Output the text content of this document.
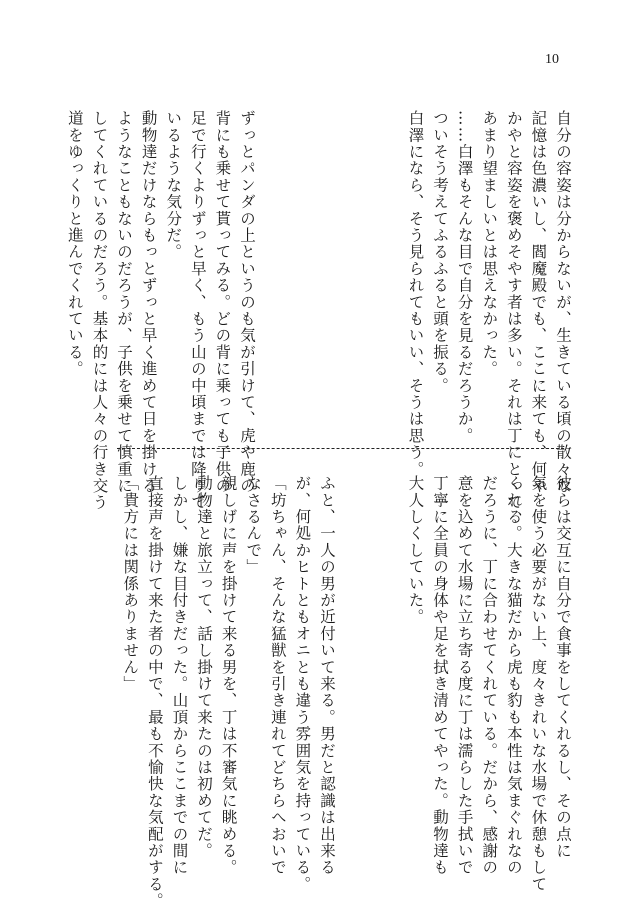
10

自分の容姿は分からないが、生きている頃の散々な

記憶は色濃いし、閻魔殿でも、ここに来ても、何や

かやと容姿を褒めそやす者は多い。それは丁にとって、

あまり望ましいとは思えなかった。

……白澤もそんな目で自分を見るだろうか。

ついそう考えてふるふると頭を振る。

白澤になら、そう見られてもいい、そうは思う。

ずっとパンダの上というのも気が引けて、虎や鹿の

背にも乗せて貰ってみる。どの背に乗っても子供の

足で行くよりずっと早く、もう山の中頃までは降りて

いるような気分だ。

動物達だけならもっとずっと早く進めて日を掛ける

ようなこともないのだろうが、子供を乗せて慎重に

してくれているのだろう。基本的には人々の行き交う

道をゆっくりと進んでくれている。

彼らは交互に自分で食事をしてくれるし、その点に

気を使う必要がない上、度々きれいな水場で休憩もして

くれる。大きな猫だから虎も豹も本性は気まぐれなの

だろうに、丁に合わせてくれている。だから、感謝の

意を込めて水場に立ち寄る度に丁は濡らした手拭いで

丁寧に全員の身体や足を拭き清めてやった。動物達も

大人しくしていた。

ふと、一人の男が近付いて来る。男だと認識は出来る

が、何処かヒトともオニとも違う雰囲気を持っている。

「坊ちゃん、そんな猛獣を引き連れてどちらへおいで

なさるんで」

親しげに声を掛けて来る男を、丁は不審気に眺める。

動物達と旅立って、話し掛けて来たのは初めてだ。

しかし、嫌な目付きだった。山頂からここまでの間に

直接声を掛けて来た者の中で、最も不愉快な気配がする。

「貴方には関係ありません」
